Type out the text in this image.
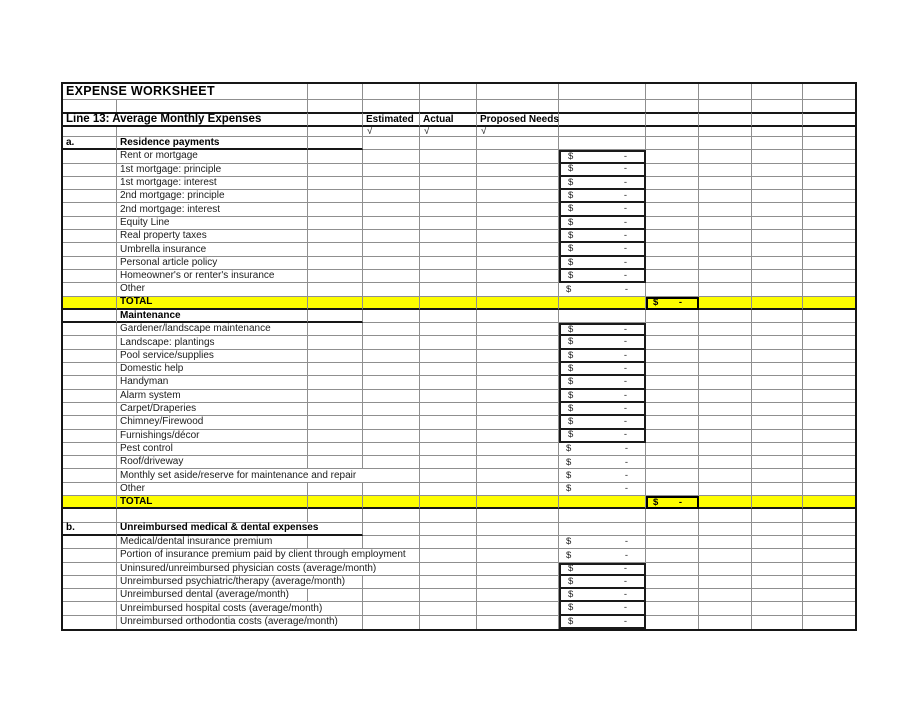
EXPENSE WORKSHEET
Line 13: Average Monthly Expenses	Estimated Actual	Proposed Needs
√	√	√
a.	Residence payments
Rent or mortgage	$	-
1st mortgage: principle	$	-
1st mortgage: interest	$	-
2nd mortgage: principle	$	-
2nd mortgage: interest	$	-
Equity Line	$	-
Real property taxes	$	-
Umbrella insurance	$	-
Personal article policy	$	-
Homeowner's or renter's insurance	$	-
Other	$	-
TOTAL	$ -
Maintenance
Gardener/landscape maintenance	$	-
Landscape: plantings	$	-
Pool service/supplies	$	-
Domestic help	$	-
Handyman	$	-
Alarm system	$	-
Carpet/Draperies	$	-
Chimney/Firewood	$	-
Furnishings/décor	$	-
Pest control	$	-
Roof/driveway	$	-
Monthly set aside/reserve for maintenance and repair	$	-
Other	$	-
TOTAL	$ -
b.	Unreimbursed medical & dental expenses
Medical/dental insurance premium	$	-
Portion of insurance premium paid by client through employment	$	-
Uninsured/unreimbursed physician costs (average/month)	$	-
Unreimbursed psychiatric/therapy (average/month)	$	-
Unreimbursed dental (average/month)	$	-
Unreimbursed hospital costs (average/month)	$	-
Unreimbursed orthodontia costs (average/month)	$	-
